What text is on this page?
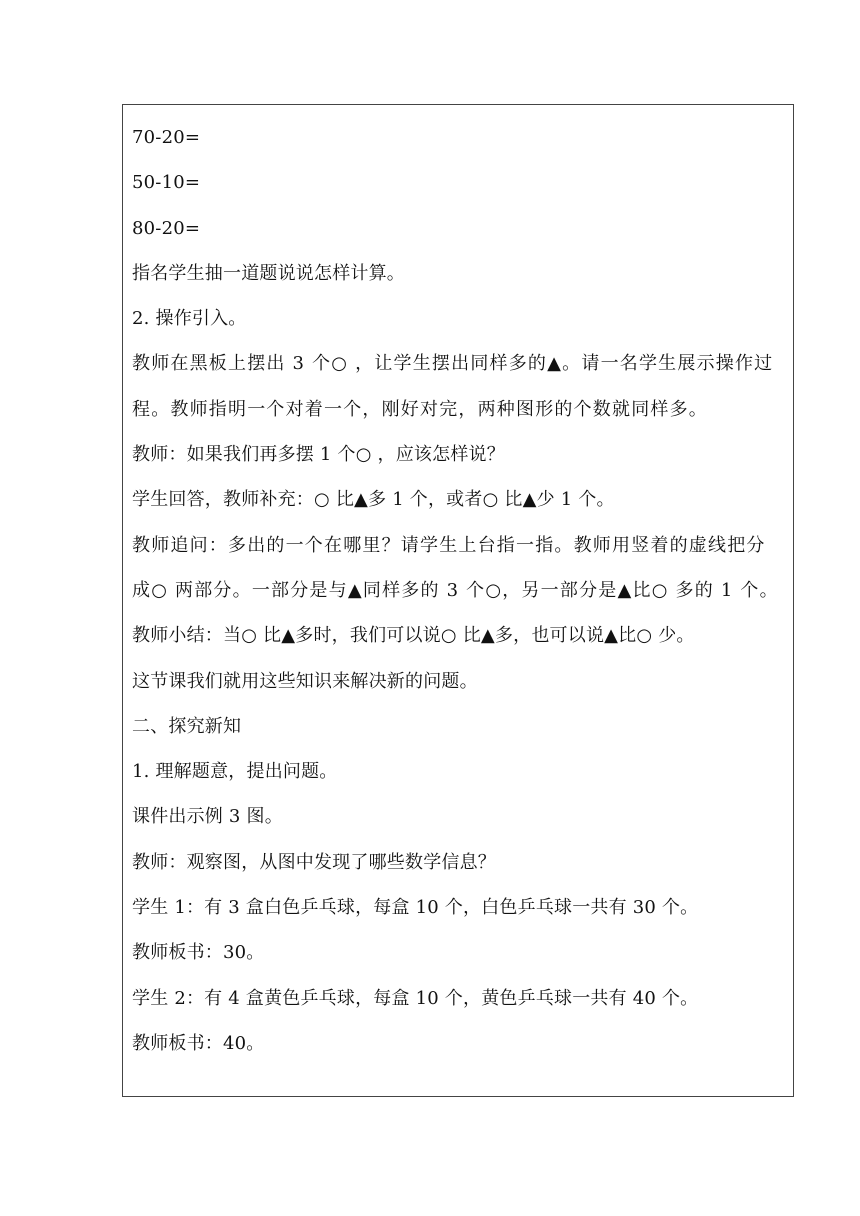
70-20=
50-10=
80-20=
指名学生抽一道题说说怎样计算。
2. 操作引入。
教师在黑板上摆出 3 个○ ，让学生摆出同样多的▲。请一名学生展示操作过程。教师指明一个对着一个，刚好对完，两种图形的个数就同样多。
教师：如果我们再多摆 1 个○ ，应该怎样说？
学生回答，教师补充：○ 比▲多 1 个，或者○ 比▲少 1 个。
教师追问：多出的一个在哪里？请学生上台指一指。教师用竖着的虚线把分成○ 两部分。一部分是与▲同样多的 3 个○，另一部分是▲比○ 多的 1 个。
教师小结：当○ 比▲多时，我们可以说○ 比▲多，也可以说▲比○ 少。
这节课我们就用这些知识来解决新的问题。
二、探究新知
1. 理解题意，提出问题。
课件出示例 3 图。
教师：观察图，从图中发现了哪些数学信息？
学生 1：有 3 盒白色乒乓球，每盒 10 个，白色乒乓球一共有 30 个。
教师板书：30。
学生 2：有 4 盒黄色乒乓球，每盒 10 个，黄色乒乓球一共有 40 个。
教师板书：40。
